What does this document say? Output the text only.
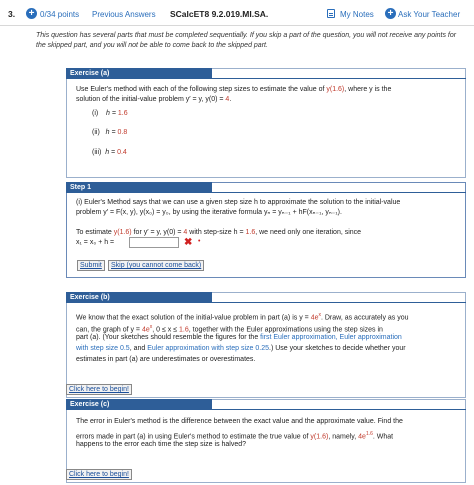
3. + 0/34 points Previous Answers SCalcET8 9.2.019.MI.SA.	My Notes + Ask Your Teacher
This question has several parts that must be completed sequentially. If you skip a part of the question, you will not receive any points for the skipped part, and you will not be able to come back to the skipped part.
Exercise (a)
Use Euler's method with each of the following step sizes to estimate the value of y(1.6), where y is the
solution of the initial-value problem y′ = y, y(0) = 4.
(i) h = 1.6
(ii) h = 0.8
(iii) h = 0.4
Step 1
(i) Euler's Method says that we can use a given step size h to approximate the solution to the initial-value
problem y′ = F(x, y), y(x₀) = y₀, by using the iterative formula yₙ = yₙ₋₁ + hF(xₙ₋₁, yₙ₋₁).
To estimate y(1.6) for y′ = y, y(0) = 4 with step-size h = 1.6, we need only one iteration, since
x₁ = x₀ + h =	✖ •
Submit	Skip (you cannot come back)
Exercise (b)
We know that the exact solution of the initial-value problem in part (a) is $y = 4e^x$. Draw, as accurately as you
can, the graph of $y = 4e^x$, 0 ≤ x ≤ 1.6, together with the Euler approximations using the step sizes in
part (a). (Your sketches should resemble the figures for the first Euler approximation, Euler approximation
with step size 0.5, and Euler approximation with step size 0.25.) Use your sketches to decide whether your
estimates in part (a) are underestimates or overestimates.
Click here to begin!
Exercise (c)
The error in Euler's method is the difference between the exact value and the approximate value. Find the
errors made in part (a) in using Euler's method to estimate the true value of y(1.6), namely, $4e^{1.6}$. What
happens to the error each time the step size is halved?
Click here to begin!
